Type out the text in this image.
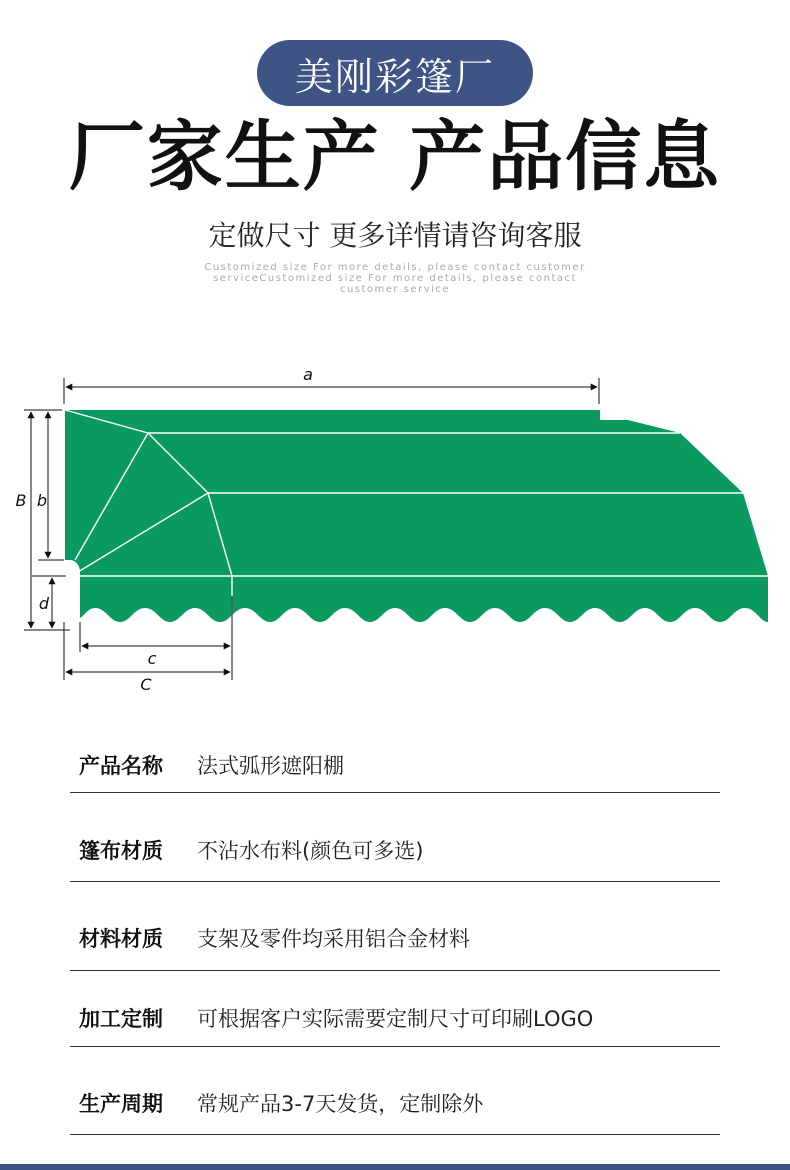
美刚彩篷厂
厂家生产 产品信息
定做尺寸 更多详情请咨询客服
Customized size For more details, please contact customer serviceCustomized size For more details, please contact customer service
a
B b
d
c
C
产品名称	法式弧形遮阳棚
篷布材质	不沾水布料(颜色可多选)
材料材质	支架及零件均采用铝合金材料
加工定制	可根据客户实际需要定制尺寸可印刷LOGO
生产周期	常规产品3-7天发货，定制除外
